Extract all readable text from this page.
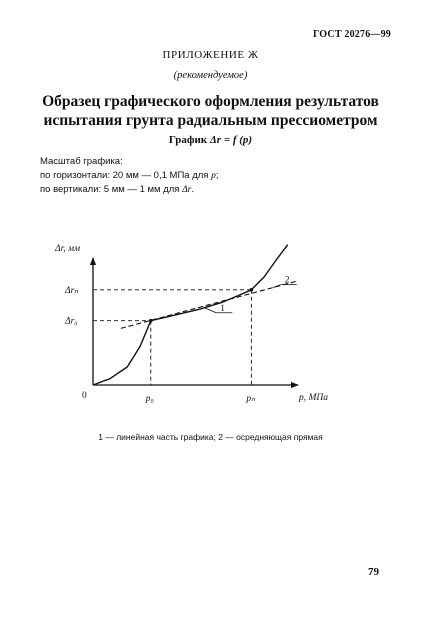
ГОСТ 20276—99
ПРИЛОЖЕНИЕ Ж
(рекомендуемое)
Образец графического оформления результатов
испытания грунта радиальным прессиометром
График Δr = f (p)
Масштаб графика:
по горизонтали: 20 мм — 0,1 МПа для p;
по вертикали: 5 мм — 1 мм для Δr.
p₀	pₙ
Δrₙ
Δr₀
1
2
Δr, мм
p, МПа
0
1 — линейная часть графика; 2 — осредняющая прямая
79
